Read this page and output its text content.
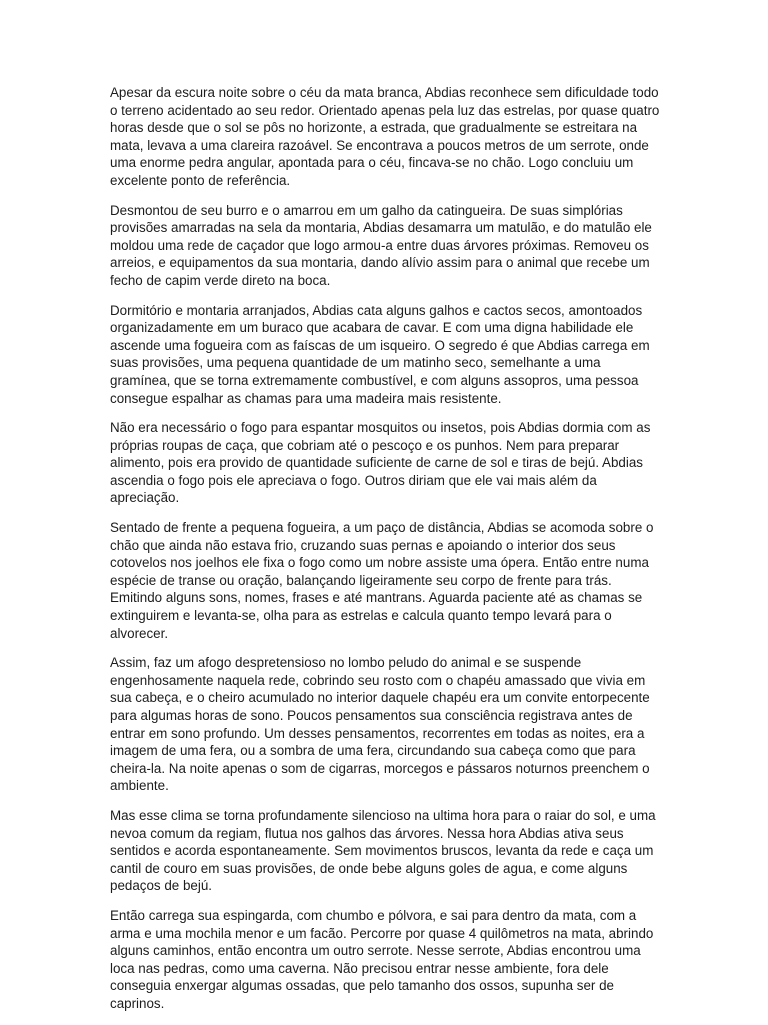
Apesar da escura noite sobre o céu da mata branca, Abdias reconhece sem dificuldade todo o terreno acidentado ao seu redor. Orientado apenas pela luz das estrelas, por quase quatro horas desde que o sol se pôs no horizonte, a estrada, que gradualmente se estreitara na mata, levava a uma clareira razoável. Se encontrava a poucos metros de um serrote, onde uma enorme pedra angular, apontada para o céu, fincava-se no chão. Logo concluiu um excelente ponto de referência.

Desmontou de seu burro e o amarrou em um galho da catingueira. De suas simplórias provisões amarradas na sela da montaria, Abdias desamarra um matulão, e do matulão ele moldou uma rede de caçador que logo armou-a entre duas árvores próximas. Removeu os arreios, e equipamentos da sua montaria, dando alívio assim para o animal que recebe um fecho de capim verde direto na boca.

Dormitório e montaria arranjados, Abdias cata alguns galhos e cactos secos, amontoados organizadamente em um buraco que acabara de cavar. E com uma digna habilidade ele ascende uma fogueira com as faíscas de um isqueiro. O segredo é que Abdias carrega em suas provisões, uma pequena quantidade de um matinho seco, semelhante a uma gramínea, que se torna extremamente combustível, e com alguns assopros, uma pessoa consegue espalhar as chamas para uma madeira mais resistente.

Não era necessário o fogo para espantar mosquitos ou insetos, pois Abdias dormia com as próprias roupas de caça, que cobriam até o pescoço e os punhos. Nem para preparar alimento, pois era provido de quantidade suficiente de carne de sol e tiras de bejú. Abdias ascendia o fogo pois ele apreciava o fogo. Outros diriam que ele vai mais além da apreciação.

Sentado de frente a pequena fogueira, a um paço de distância, Abdias se acomoda sobre o chão que ainda não estava frio, cruzando suas pernas e apoiando o interior dos seus cotovelos nos joelhos ele fixa o fogo como um nobre assiste uma ópera. Então entre numa espécie de transe ou oração, balançando ligeiramente seu corpo de frente para trás. Emitindo alguns sons, nomes, frases e até mantrans. Aguarda paciente até as chamas se extinguirem e levanta-se, olha para as estrelas e calcula quanto tempo levará para o alvorecer.

Assim, faz um afogo despretensioso no lombo peludo do animal e se suspende engenhosamente naquela rede, cobrindo seu rosto com o chapéu amassado que vivia em sua cabeça, e o cheiro acumulado no interior daquele chapéu era um convite entorpecente para algumas horas de sono. Poucos pensamentos sua consciência registrava antes de entrar em sono profundo. Um desses pensamentos, recorrentes em todas as noites, era a imagem de uma fera, ou a sombra de uma fera, circundando sua cabeça como que para cheira-la. Na noite apenas o som de cigarras, morcegos e pássaros noturnos preenchem o ambiente.

Mas esse clima se torna profundamente silencioso na ultima hora para o raiar do sol, e uma nevoa comum da regiam, flutua nos galhos das árvores. Nessa hora Abdias ativa seus sentidos e acorda espontaneamente. Sem movimentos bruscos, levanta da rede e caça um cantil de couro em suas provisões, de onde bebe alguns goles de agua, e come alguns pedaços de bejú.

Então carrega sua espingarda, com chumbo e pólvora, e sai para dentro da mata, com a arma e uma mochila menor e um facão. Percorre por quase 4 quilômetros na mata, abrindo alguns caminhos, então encontra um outro serrote. Nesse serrote, Abdias encontrou uma loca nas pedras, como uma caverna. Não precisou entrar nesse ambiente, fora dele conseguia enxergar algumas ossadas, que pelo tamanho dos ossos, supunha ser de caprinos.
